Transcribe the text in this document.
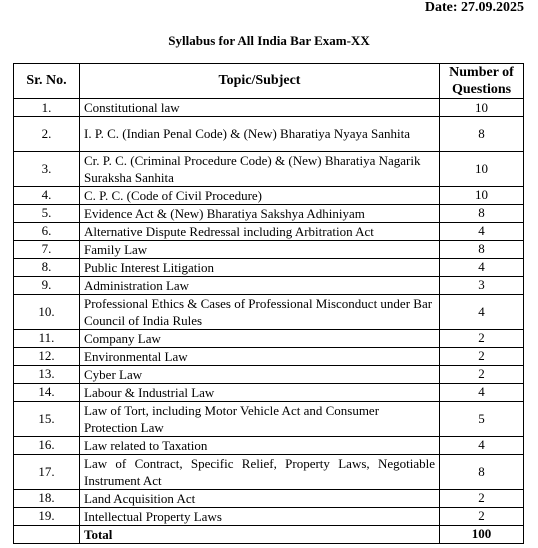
Date: 27.09.2025
Syllabus for All India Bar Exam-XX
Sr. No.	Topic/Subject	Number of Questions
1.	Constitutional law	10
2.	I. P. C. (Indian Penal Code) & (New) Bharatiya Nyaya Sanhita	8
3.	Cr. P. C. (Criminal Procedure Code) & (New) Bharatiya Nagarik Suraksha Sanhita	10
4.	C. P. C. (Code of Civil Procedure)	10
5.	Evidence Act & (New) Bharatiya Sakshya Adhiniyam	8
6.	Alternative Dispute Redressal including Arbitration Act	4
7.	Family Law	8
8.	Public Interest Litigation	4
9.	Administration Law	3
10.	Professional Ethics & Cases of Professional Misconduct under Bar Council of India Rules	4
11.	Company Law	2
12.	Environmental Law	2
13.	Cyber Law	2
14.	Labour & Industrial Law	4
15.	Law of Tort, including Motor Vehicle Act and Consumer Protection Law	5
16.	Law related to Taxation	4
17.	Law of Contract, Specific Relief, Property Laws, Negotiable Instrument Act	8
18.	Land Acquisition Act	2
19.	Intellectual Property Laws	2
	Total	100
